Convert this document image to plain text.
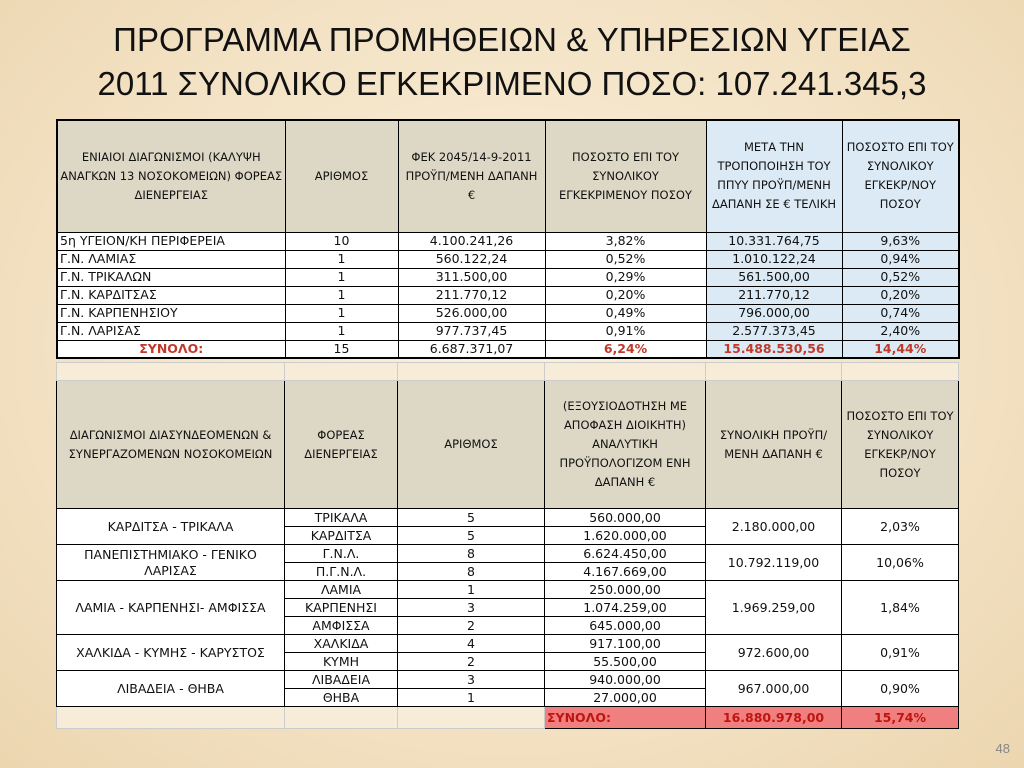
ΠΡΟΓΡΑΜΜΑ ΠΡΟΜΗΘΕΙΩΝ & ΥΠΗΡΕΣΙΩΝ ΥΓΕΙΑΣ
2011 ΣΥΝΟΛΙΚΟ ΕΓΚΕΚΡΙΜΕΝΟ ΠΟΣΟ: 107.241.345,3
ΕΝΙΑΙΟΙ ΔΙΑΓΩΝΙΣΜΟΙ (ΚΑΛΥΨΗ ΑΝΑΓΚΩΝ 13 ΝΟΣΟΚΟΜΕΙΩΝ) ΦΟΡΕΑΣ ΔΙΕΝΕΡΓΕΙΑΣ	ΑΡΙΘΜΟΣ	ΦΕΚ 2045/14-9-2011 ΠΡΟΫΠ/ΜΕΝΗ ΔΑΠΑΝΗ €	ΠΟΣΟΣΤΟ ΕΠΙ ΤΟΥ ΣΥΝΟΛΙΚΟΥ ΕΓΚΕΚΡΙΜΕΝΟΥ ΠΟΣΟΥ	ΜΕΤΑ ΤΗΝ ΤΡΟΠΟΠΟΙΗΣΗ ΤΟΥ ΠΠΥΥ ΠΡΟΫΠ/ΜΕΝΗ ΔΑΠΑΝΗ ΣΕ € ΤΕΛΙΚΗ	ΠΟΣΟΣΤΟ ΕΠΙ ΤΟΥ ΣΥΝΟΛΙΚΟΥ ΕΓΚΕΚΡ/ΝΟΥ ΠΟΣΟΥ
5η ΥΓΕΙΟΝ/ΚΗ ΠΕΡΙΦΕΡΕΙΑ	10	4.100.241,26	3,82%	10.331.764,75	9,63%
Γ.Ν. ΛΑΜΙΑΣ	1	560.122,24	0,52%	1.010.122,24	0,94%
Γ.Ν. ΤΡΙΚΑΛΩΝ	1	311.500,00	0,29%	561.500,00	0,52%
Γ.Ν. ΚΑΡΔΙΤΣΑΣ	1	211.770,12	0,20%	211.770,12	0,20%
Γ.Ν. ΚΑΡΠΕΝΗΣΙΟΥ	1	526.000,00	0,49%	796.000,00	0,74%
Γ.Ν. ΛΑΡΙΣΑΣ	1	977.737,45	0,91%	2.577.373,45	2,40%
ΣΥΝΟΛΟ:	15	6.687.371,07	6,24%	15.488.530,56	14,44%

ΔΙΑΓΩΝΙΣΜΟΙ ΔΙΑΣΥΝΔΕΟΜΕΝΩΝ & ΣΥΝΕΡΓΑΖΟΜΕΝΩΝ ΝΟΣΟΚΟΜΕΙΩΝ	ΦΟΡΕΑΣ ΔΙΕΝΕΡΓΕΙΑΣ	ΑΡΙΘΜΟΣ	(ΕΞΟΥΣΙΟΔΟΤΗΣΗ ΜΕ ΑΠΟΦΑΣΗ ΔΙΟΙΚΗΤΗ) ΑΝΑΛΥΤΙΚΗ ΠΡΟΫΠΟΛΟΓΙΖΟΜ ΕΝΗ ΔΑΠΑΝΗ €	ΣΥΝΟΛΙΚΗ ΠΡΟΫΠ/ΜΕΝΗ ΔΑΠΑΝΗ €	ΠΟΣΟΣΤΟ ΕΠΙ ΤΟΥ ΣΥΝΟΛΙΚΟΥ ΕΓΚΕΚΡ/ΝΟΥ ΠΟΣΟΥ
ΚΑΡΔΙΤΣΑ - ΤΡΙΚΑΛΑ	ΤΡΙΚΑΛΑ	5	560.000,00	2.180.000,00	2,03%
	ΚΑΡΔΙΤΣΑ	5	1.620.000,00		
ΠΑΝΕΠΙΣΤΗΜΙΑΚΟ - ΓΕΝΙΚΟ ΛΑΡΙΣΑΣ	Γ.Ν.Λ.	8	6.624.450,00	10.792.119,00	10,06%
	Π.Γ.Ν.Λ.	8	4.167.669,00		
ΛΑΜΙΑ - ΚΑΡΠΕΝΗΣΙ- ΑΜΦΙΣΣΑ	ΛΑΜΙΑ	1	250.000,00	1.969.259,00	1,84%
	ΚΑΡΠΕΝΗΣΙ	3	1.074.259,00		
	ΑΜΦΙΣΣΑ	2	645.000,00		
ΧΑΛΚΙΔΑ - ΚΥΜΗΣ - ΚΑΡΥΣΤΟΣ	ΧΑΛΚΙΔΑ	4	917.100,00	972.600,00	0,91%
	ΚΥΜΗ	2	55.500,00		
ΛΙΒΑΔΕΙΑ - ΘΗΒΑ	ΛΙΒΑΔΕΙΑ	3	940.000,00	967.000,00	0,90%
	ΘΗΒΑ	1	27.000,00		
			ΣΥΝΟΛΟ:	16.880.978,00	15,74%
48
